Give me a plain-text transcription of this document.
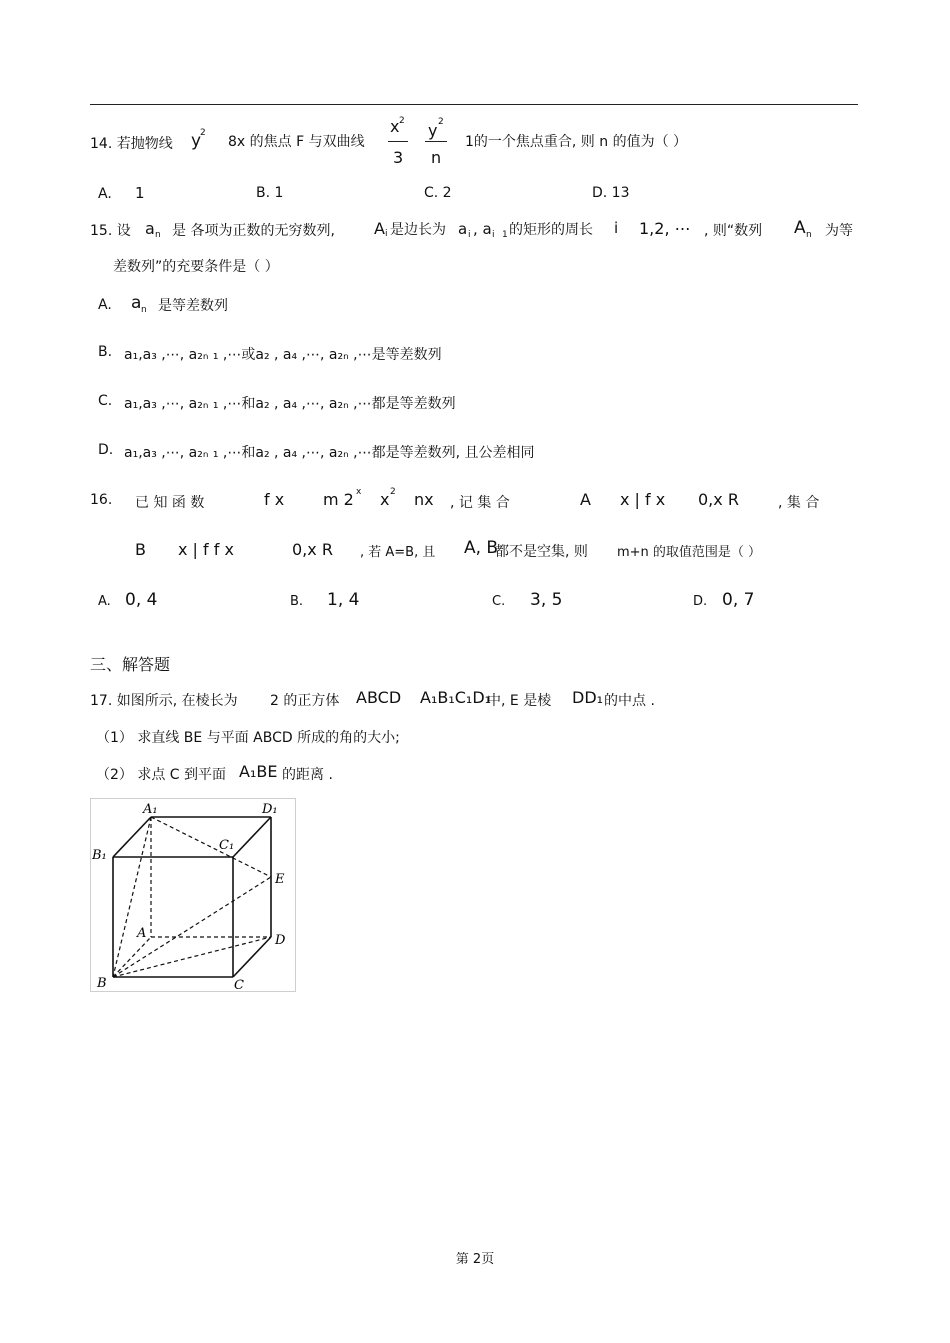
14. 若抛物线 y
2
8x 的焦点 F 与双曲线
x 2
3
y 2
n
1的一个焦点重合, 则 n 的值为（ ）
A. 1	B. 1	C. 2	D. 13
15. 设 a n 是 各项为正数的无穷数列, A i 是边长为 a i , a i 1 的矩形的周长 i 1,2, ⋯ , 则“数列 A n 为等
差数列”的充要条件是（ ）
A. a n 是等差数列
B. a₁,a₃ ,⋯, a₂ₙ ₁ ,⋯或a₂ , a₄ ,⋯, a₂ₙ ,⋯是等差数列
C. a₁,a₃ ,⋯, a₂ₙ ₁ ,⋯和a₂ , a₄ ,⋯, a₂ₙ ,⋯都是等差数列
D. a₁,a₃ ,⋯, a₂ₙ ₁ ,⋯和a₂ , a₄ ,⋯, a₂ₙ ,⋯都是等差数列, 且公差相同
16. 已 知 函 数	f x m 2 x x 2 nx , 记 集 合	A x | f x 0,x R	, 集 合
B x | f f x	0,x R , 若 A=B, 且 A, B
都不是空集, 则 m+n 的取值范围是（ ）
A. 0, 4	B. 1, 4	C. 3, 5	D. 0, 7
三、解答题
17. 如图所示, 在棱长为 2 的正方体 ABCD A₁B₁C₁D₁
中, E 是棱 DD₁ 的中点 .
（1） 求直线 BE 与平面 ABCD 所成的角的大小;
（2） 求点 C 到平面 A₁BE 的距离 .
A₁	D₁
B₁
C₁
E
A	D
B	C
第 2页
